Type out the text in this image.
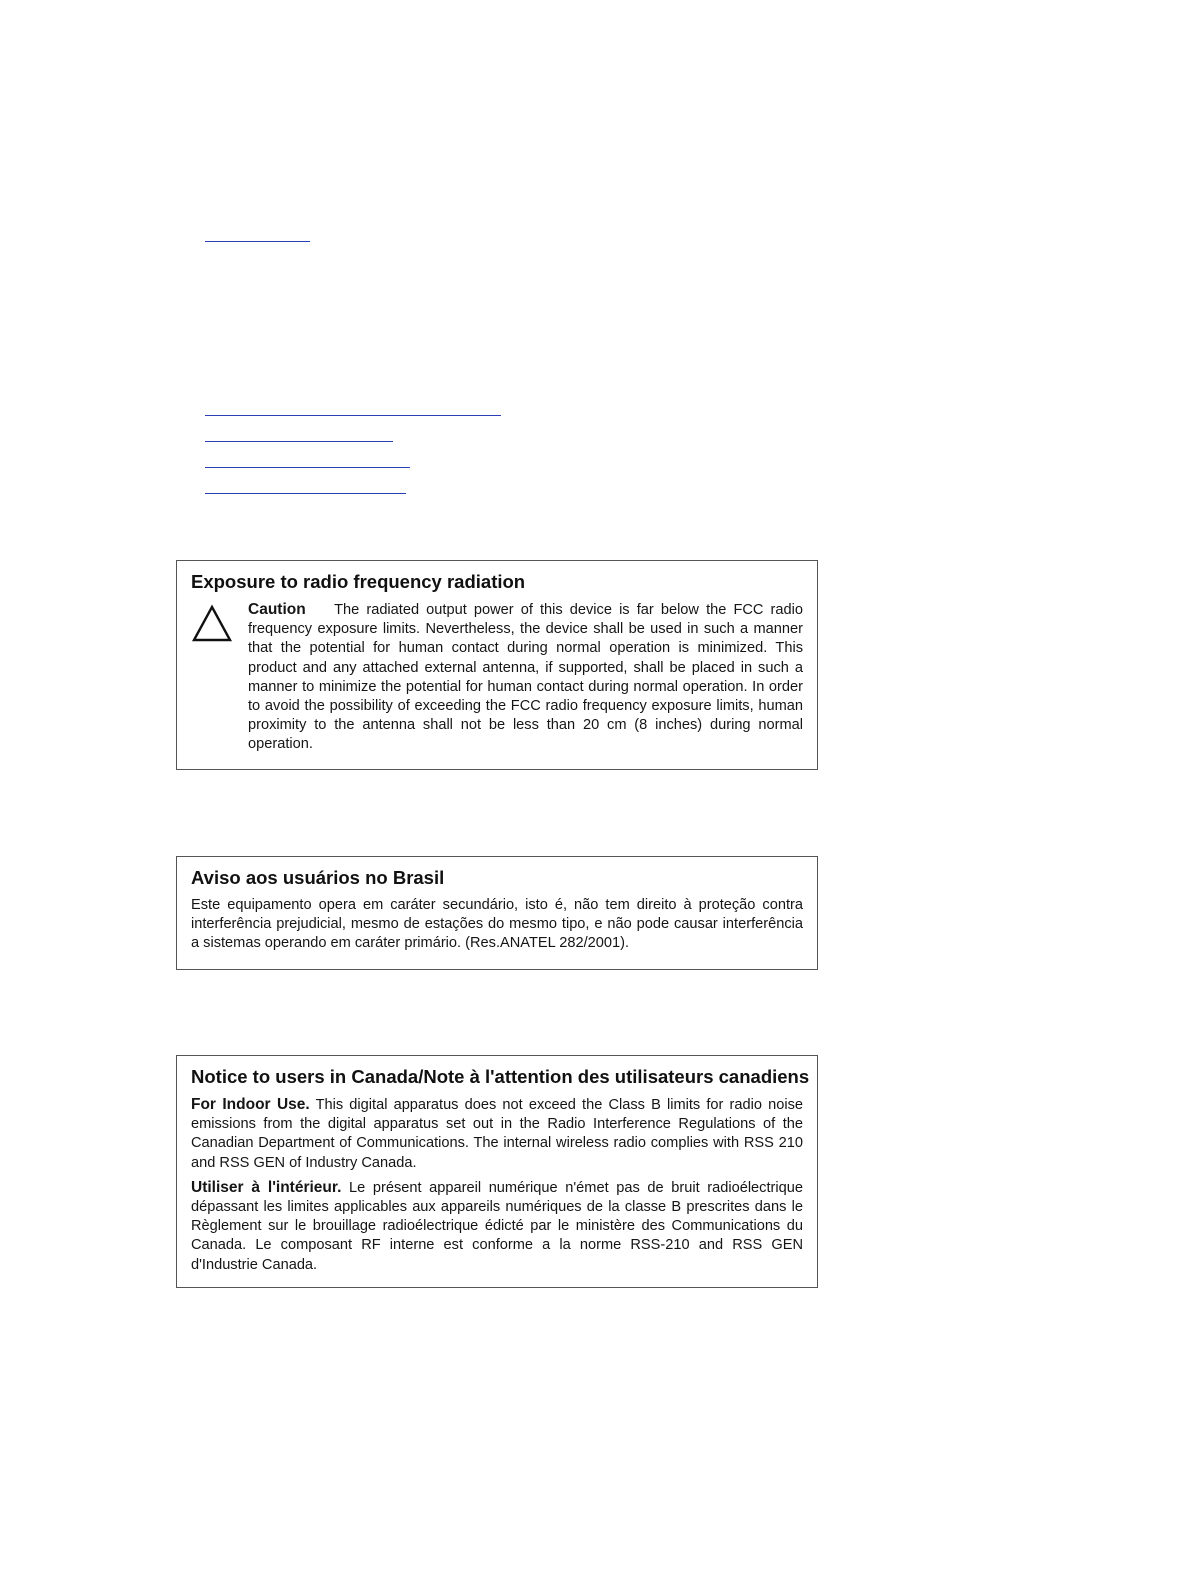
Exposure to radio frequency radiation

Caution The radiated output power of this device is far below the FCC radio frequency exposure limits. Nevertheless, the device shall be used in such a manner that the potential for human contact during normal operation is minimized. This product and any attached external antenna, if supported, shall be placed in such a manner to minimize the potential for human contact during normal operation. In order to avoid the possibility of exceeding the FCC radio frequency exposure limits, human proximity to the antenna shall not be less than 20 cm (8 inches) during normal operation.

Aviso aos usuários no Brasil

Este equipamento opera em caráter secundário, isto é, não tem direito à proteção contra interferência prejudicial, mesmo de estações do mesmo tipo, e não pode causar interferência a sistemas operando em caráter primário. (Res.ANATEL 282/2001).

Notice to users in Canada/Note à l'attention des utilisateurs canadiens

For Indoor Use. This digital apparatus does not exceed the Class B limits for radio noise emissions from the digital apparatus set out in the Radio Interference Regulations of the Canadian Department of Communications. The internal wireless radio complies with RSS 210 and RSS GEN of Industry Canada.

Utiliser à l'intérieur. Le présent appareil numérique n'émet pas de bruit radioélectrique dépassant les limites applicables aux appareils numériques de la classe B prescrites dans le Règlement sur le brouillage radioélectrique édicté par le ministère des Communications du Canada. Le composant RF interne est conforme a la norme RSS-210 and RSS GEN d'Industrie Canada.
